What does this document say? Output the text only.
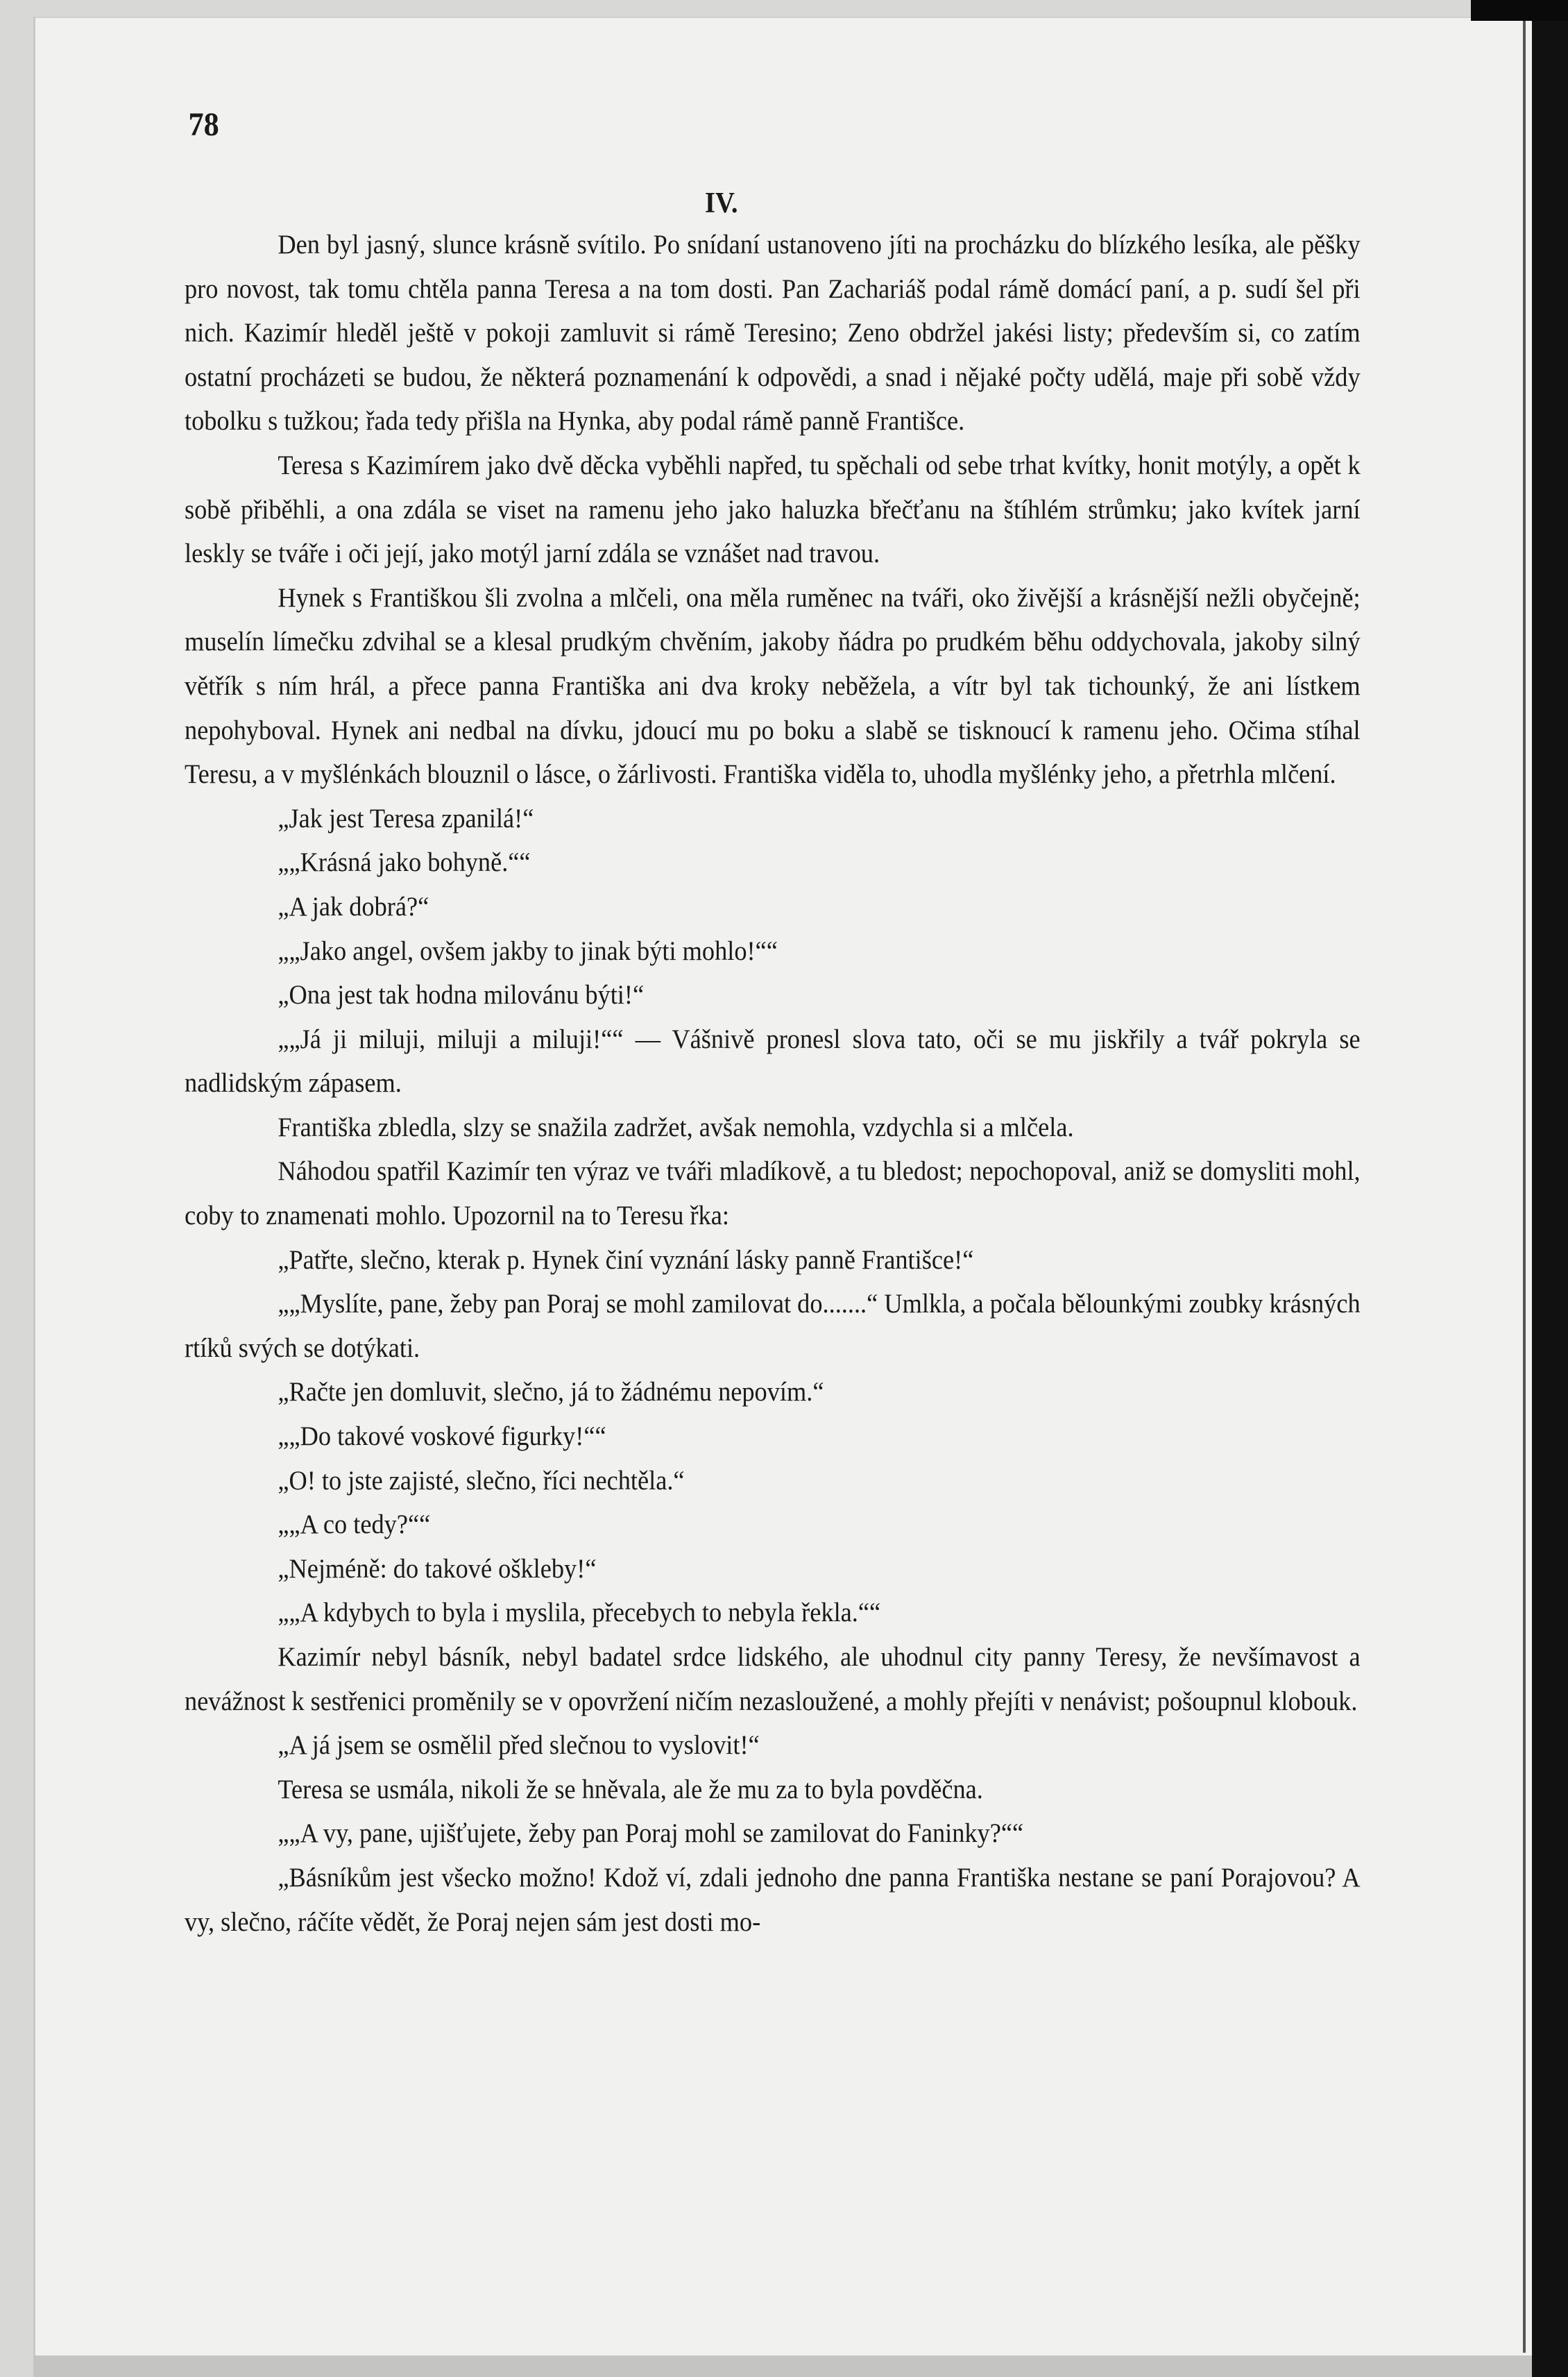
78
IV.

Den byl jasný, slunce krásně svítilo. Po snídaní ustanoveno jíti na procházku do blízkého lesíka, ale pěšky pro novost, tak tomu chtěla panna Teresa a na tom dosti. Pan Zachariáš podal rámě domácí paní, a p. sudí šel při nich. Kazimír hleděl ještě v pokoji zamluvit si rámě Teresino; Zeno obdržel jakési listy; především si, co zatím ostatní procházeti se budou, že některá poznamenání k odpovědi, a snad i nějaké počty udělá, maje při sobě vždy tobolku s tužkou; řada tedy přišla na Hynka, aby podal rámě panně Františce.

Teresa s Kazimírem jako dvě děcka vyběhli napřed, tu spěchali od sebe trhat kvítky, honit motýly, a opět k sobě přiběhli, a ona zdála se viset na ramenu jeho jako haluzka břečťanu na štíhlém strůmku; jako kvítek jarní leskly se tváře i oči její, jako motýl jarní zdála se vznášet nad travou.

Hynek s Františkou šli zvolna a mlčeli, ona měla ruměnec na tváři, oko živější a krásnější nežli obyčejně; muselín límečku zdvihal se a klesal prudkým chvěním, jakoby ňádra po prudkém běhu oddychovala, jakoby silný větřík s ním hrál, a přece panna Františka ani dva kroky neběžela, a vítr byl tak tichounký, že ani lístkem nepohyboval. Hynek ani nedbal na dívku, jdoucí mu po boku a slabě se tisknoucí k ramenu jeho. Očima stíhal Teresu, a v myšlénkách blouznil o lásce, o žárlivosti. Františka viděla to, uhodla myšlénky jeho, a přetrhla mlčení.

„Jak jest Teresa zpanilá!“

„„Krásná jako bohyně.““

„A jak dobrá?“

„„Jako angel, ovšem jakby to jinak býti mohlo!““

„Ona jest tak hodna milovánu býti!“

„„Já ji miluji, miluji a miluji!““ — Vášnivě pronesl slova tato, oči se mu jiskřily a tvář pokryla se nadlidským zápasem.

Františka zbledla, slzy se snažila zadržet, avšak nemohla, vzdychla si a mlčela.

Náhodou spatřil Kazimír ten výraz ve tváři mladíkově, a tu bledost; nepochopoval, aniž se domysliti mohl, coby to znamenati mohlo. Upozornil na to Teresu řka:

„Patřte, slečno, kterak p. Hynek činí vyznání lásky panně Františce!“

„„Myslíte, pane, žeby pan Poraj se mohl zamilovat do.......“ Umlkla, a počala bělounkými zoubky krásných rtíků svých se dotýkati.

„Račte jen domluvit, slečno, já to žádnému nepovím.“

„„Do takové voskové figurky!““

„O! to jste zajisté, slečno, říci nechtěla.“

„„A co tedy?““

„Nejméně: do takové ošklebу!“

„„A kdybych to byla i myslila, přecebych to nebyla řekla.““

Kazimír nebyl básník, nebyl badatel srdce lidského, ale uhodnul city panny Teresy, že nevšímavost a nevážnost k sestřenici proměnily se v opovržení ničím nezasloužené, a mohly přejíti v nenávist; pošoupnul klobouk.

„A já jsem se osmělil před slečnou to vyslovit!“

Teresa se usmála, nikoli že se hněvala, ale že mu za to byla povděčna.

„„A vy, pane, ujišťujete, žeby pan Poraj mohl se zamilovat do Faninky?““

„Básníkům jest všecko možno! Kdož ví, zdali jednoho dne panna Františka nestane se paní Porajovou? A vy, slečno, ráčíte vědět, že Poraj nejen sám jest dosti mo-
